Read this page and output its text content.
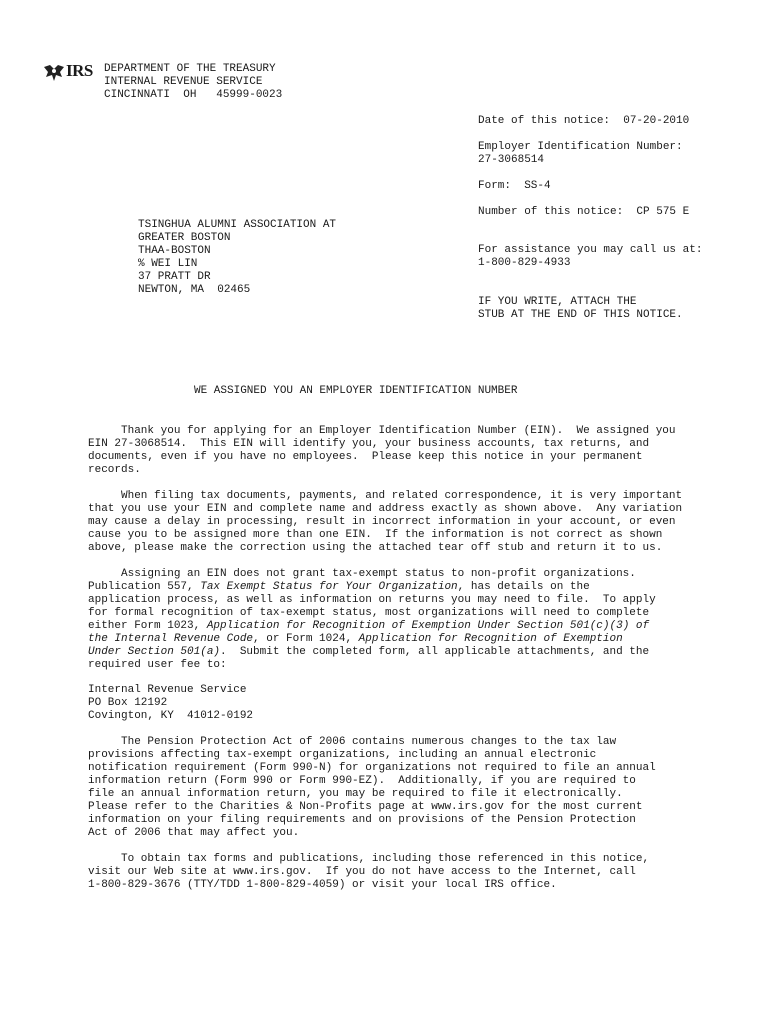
IRS DEPARTMENT OF THE TREASURY
INTERNAL REVENUE SERVICE
CINCINNATI  OH   45999-0023
Date of this notice:  07-20-2010
Employer Identification Number:
27-3068514
Form:  SS-4
Number of this notice:  CP 575 E
For assistance you may call us at:
1-800-829-4933
IF YOU WRITE, ATTACH THE
STUB AT THE END OF THIS NOTICE.
TSINGHUA ALUMNI ASSOCIATION AT
GREATER BOSTON
THAA-BOSTON
% WEI LIN
37 PRATT DR
NEWTON, MA  02465
WE ASSIGNED YOU AN EMPLOYER IDENTIFICATION NUMBER

Thank you for applying for an Employer Identification Number (EIN).  We assigned you
EIN 27-3068514.  This EIN will identify you, your business accounts, tax returns, and
documents, even if you have no employees.  Please keep this notice in your permanent
records.

When filing tax documents, payments, and related correspondence, it is very important
that you use your EIN and complete name and address exactly as shown above.  Any variation
may cause a delay in processing, result in incorrect information in your account, or even
cause you to be assigned more than one EIN.  If the information is not correct as shown
above, please make the correction using the attached tear off stub and return it to us.

Assigning an EIN does not grant tax-exempt status to non-profit organizations.
Publication 557, Tax Exempt Status for Your Organization, has details on the
application process, as well as information on returns you may need to file.  To apply
for formal recognition of tax-exempt status, most organizations will need to complete
either Form 1023, Application for Recognition of Exemption Under Section 501(c)(3) of
the Internal Revenue Code, or Form 1024, Application for Recognition of Exemption
Under Section 501(a).  Submit the completed form, all applicable attachments, and the
required user fee to:

Internal Revenue Service
PO Box 12192
Covington, KY  41012-0192

The Pension Protection Act of 2006 contains numerous changes to the tax law
provisions affecting tax-exempt organizations, including an annual electronic
notification requirement (Form 990-N) for organizations not required to file an annual
information return (Form 990 or Form 990-EZ).  Additionally, if you are required to
file an annual information return, you may be required to file it electronically.
Please refer to the Charities & Non-Profits page at www.irs.gov for the most current
information on your filing requirements and on provisions of the Pension Protection
Act of 2006 that may affect you.

To obtain tax forms and publications, including those referenced in this notice,
visit our Web site at www.irs.gov.  If you do not have access to the Internet, call
1-800-829-3676 (TTY/TDD 1-800-829-4059) or visit your local IRS office.
